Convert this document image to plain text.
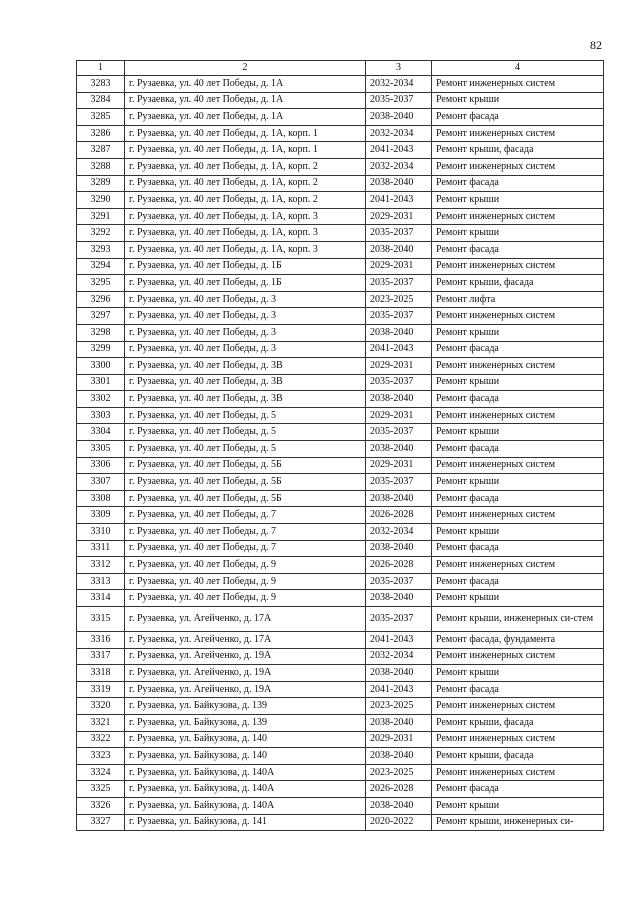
82
1	2	3	4
3283	г. Рузаевка, ул. 40 лет Победы, д. 1А	2032-2034	Ремонт инженерных систем
3284	г. Рузаевка, ул. 40 лет Победы, д. 1А	2035-2037	Ремонт крыши
3285	г. Рузаевка, ул. 40 лет Победы, д. 1А	2038-2040	Ремонт фасада
3286	г. Рузаевка, ул. 40 лет Победы, д. 1А, корп. 1	2032-2034	Ремонт инженерных систем
3287	г. Рузаевка, ул. 40 лет Победы, д. 1А, корп. 1	2041-2043	Ремонт крыши, фасада
3288	г. Рузаевка, ул. 40 лет Победы, д. 1А, корп. 2	2032-2034	Ремонт инженерных систем
3289	г. Рузаевка, ул. 40 лет Победы, д. 1А, корп. 2	2038-2040	Ремонт фасада
3290	г. Рузаевка, ул. 40 лет Победы, д. 1А, корп. 2	2041-2043	Ремонт крыши
3291	г. Рузаевка, ул. 40 лет Победы, д. 1А, корп. 3	2029-2031	Ремонт инженерных систем
3292	г. Рузаевка, ул. 40 лет Победы, д. 1А, корп. 3	2035-2037	Ремонт крыши
3293	г. Рузаевка, ул. 40 лет Победы, д. 1А, корп. 3	2038-2040	Ремонт фасада
3294	г. Рузаевка, ул. 40 лет Победы, д. 1Б	2029-2031	Ремонт инженерных систем
3295	г. Рузаевка, ул. 40 лет Победы, д. 1Б	2035-2037	Ремонт крыши, фасада
3296	г. Рузаевка, ул. 40 лет Победы, д. 3	2023-2025	Ремонт лифта
3297	г. Рузаевка, ул. 40 лет Победы, д. 3	2035-2037	Ремонт инженерных систем
3298	г. Рузаевка, ул. 40 лет Победы, д. 3	2038-2040	Ремонт крыши
3299	г. Рузаевка, ул. 40 лет Победы, д. 3	2041-2043	Ремонт фасада
3300	г. Рузаевка, ул. 40 лет Победы, д. 3В	2029-2031	Ремонт инженерных систем
3301	г. Рузаевка, ул. 40 лет Победы, д. 3В	2035-2037	Ремонт крыши
3302	г. Рузаевка, ул. 40 лет Победы, д. 3В	2038-2040	Ремонт фасада
3303	г. Рузаевка, ул. 40 лет Победы, д. 5	2029-2031	Ремонт инженерных систем
3304	г. Рузаевка, ул. 40 лет Победы, д. 5	2035-2037	Ремонт крыши
3305	г. Рузаевка, ул. 40 лет Победы, д. 5	2038-2040	Ремонт фасада
3306	г. Рузаевка, ул. 40 лет Победы, д. 5Б	2029-2031	Ремонт инженерных систем
3307	г. Рузаевка, ул. 40 лет Победы, д. 5Б	2035-2037	Ремонт крыши
3308	г. Рузаевка, ул. 40 лет Победы, д. 5Б	2038-2040	Ремонт фасада
3309	г. Рузаевка, ул. 40 лет Победы, д. 7	2026-2028	Ремонт инженерных систем
3310	г. Рузаевка, ул. 40 лет Победы, д. 7	2032-2034	Ремонт крыши
3311	г. Рузаевка, ул. 40 лет Победы, д. 7	2038-2040	Ремонт фасада
3312	г. Рузаевка, ул. 40 лет Победы, д. 9	2026-2028	Ремонт инженерных систем
3313	г. Рузаевка, ул. 40 лет Победы, д. 9	2035-2037	Ремонт фасада
3314	г. Рузаевка, ул. 40 лет Победы, д. 9	2038-2040	Ремонт крыши
3315	г. Рузаевка, ул. Агейченко, д. 17А	2035-2037	Ремонт крыши, инженерных си-стем
3316	г. Рузаевка, ул. Агейченко, д. 17А	2041-2043	Ремонт фасада, фундамента
3317	г. Рузаевка, ул. Агейченко, д. 19А	2032-2034	Ремонт инженерных систем
3318	г. Рузаевка, ул. Агейченко, д. 19А	2038-2040	Ремонт крыши
3319	г. Рузаевка, ул. Агейченко, д. 19А	2041-2043	Ремонт фасада
3320	г. Рузаевка, ул. Байкузова, д. 139	2023-2025	Ремонт инженерных систем
3321	г. Рузаевка, ул. Байкузова, д. 139	2038-2040	Ремонт крыши, фасада
3322	г. Рузаевка, ул. Байкузова, д. 140	2029-2031	Ремонт инженерных систем
3323	г. Рузаевка, ул. Байкузова, д. 140	2038-2040	Ремонт крыши, фасада
3324	г. Рузаевка, ул. Байкузова, д. 140А	2023-2025	Ремонт инженерных систем
3325	г. Рузаевка, ул. Байкузова, д. 140А	2026-2028	Ремонт фасада
3326	г. Рузаевка, ул. Байкузова, д. 140А	2038-2040	Ремонт крыши
3327	г. Рузаевка, ул. Байкузова, д. 141	2020-2022	Ремонт крыши, инженерных си-
